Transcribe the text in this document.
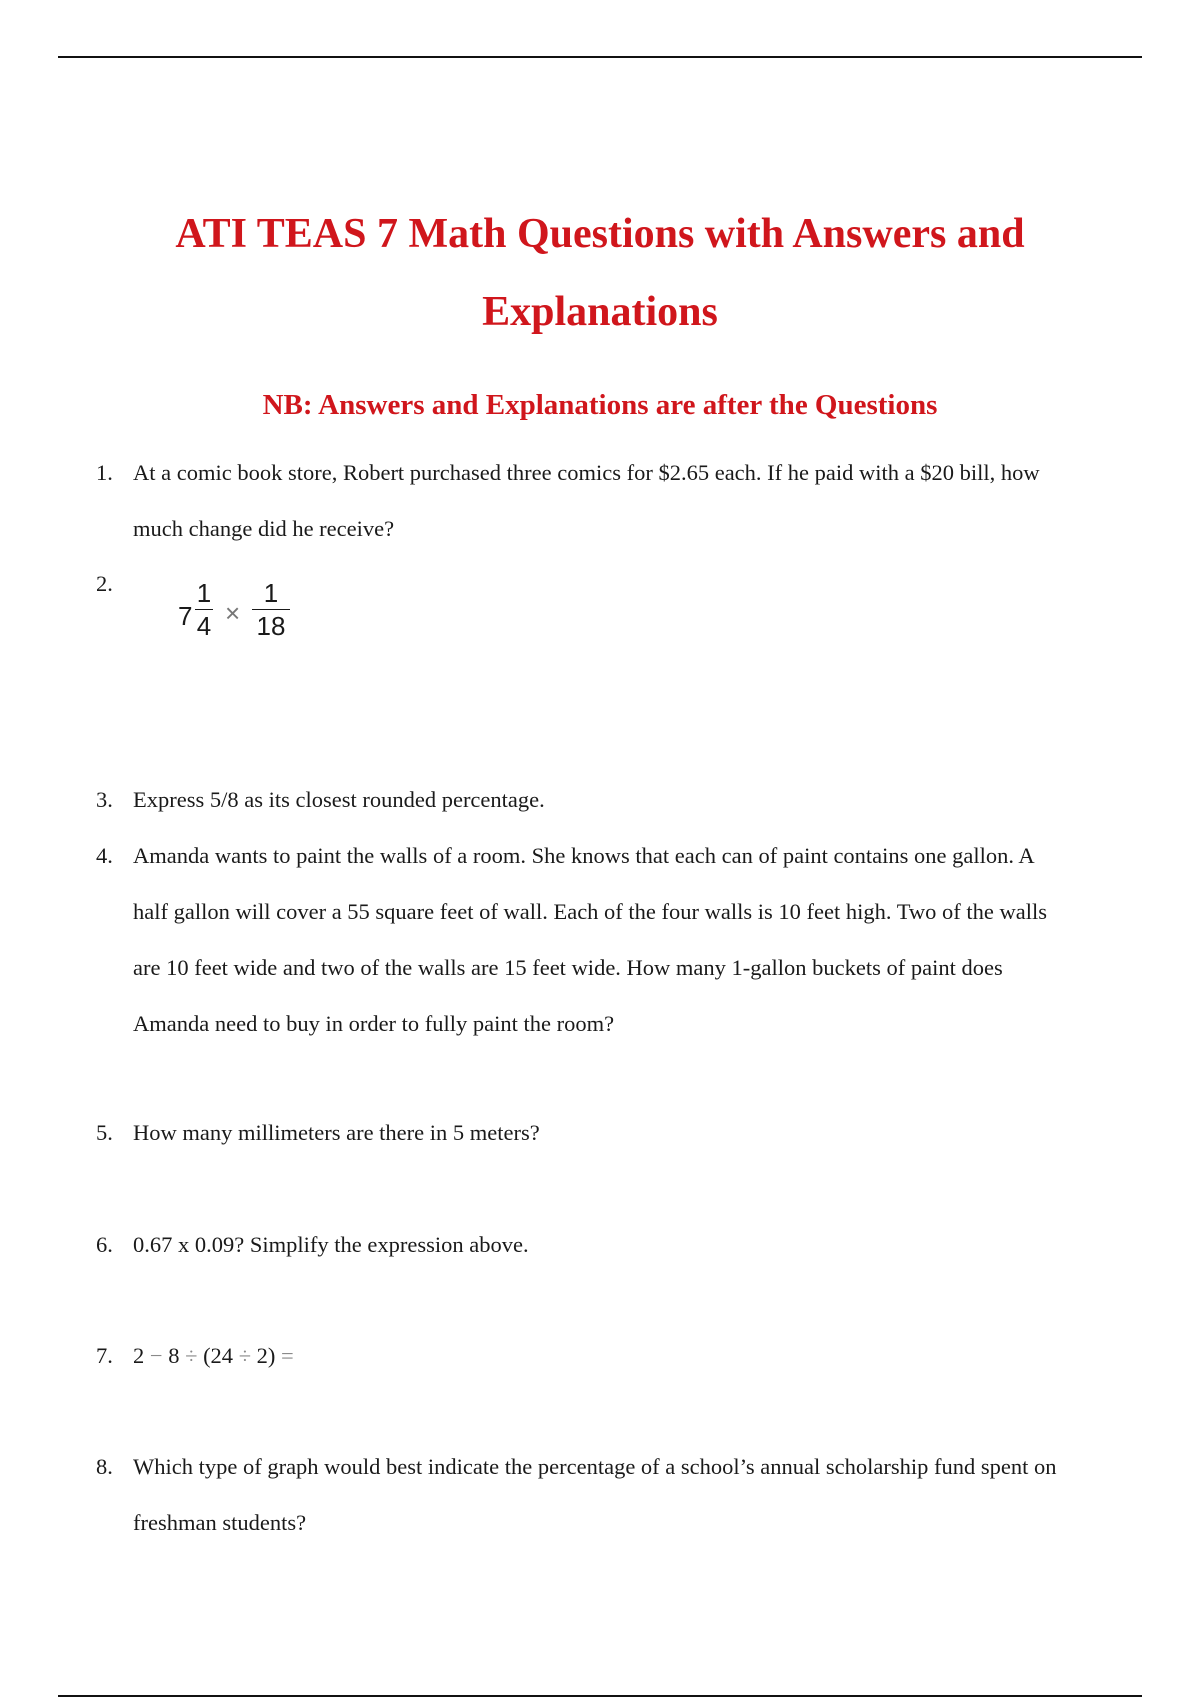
ATI TEAS 7 Math Questions with Answers and
Explanations
NB: Answers and Explanations are after the Questions
1. At a comic book store, Robert purchased three comics for $2.65 each. If he paid with a $20 bill, how
much change did he receive?
2.
7
1
4 ×
1
18
3. Express 5/8 as its closest rounded percentage.
4. Amanda wants to paint the walls of a room. She knows that each can of paint contains one gallon. A
half gallon will cover a 55 square feet of wall. Each of the four walls is 10 feet high. Two of the walls
are 10 feet wide and two of the walls are 15 feet wide. How many 1-gallon buckets of paint does
Amanda need to buy in order to fully paint the room?
5. How many millimeters are there in 5 meters?
6. 0.67 x 0.09? Simplify the expression above.
7. 2 − 8 ÷ (24 ÷ 2) =
8. Which type of graph would best indicate the percentage of a school’s annual scholarship fund spent on
freshman students?
